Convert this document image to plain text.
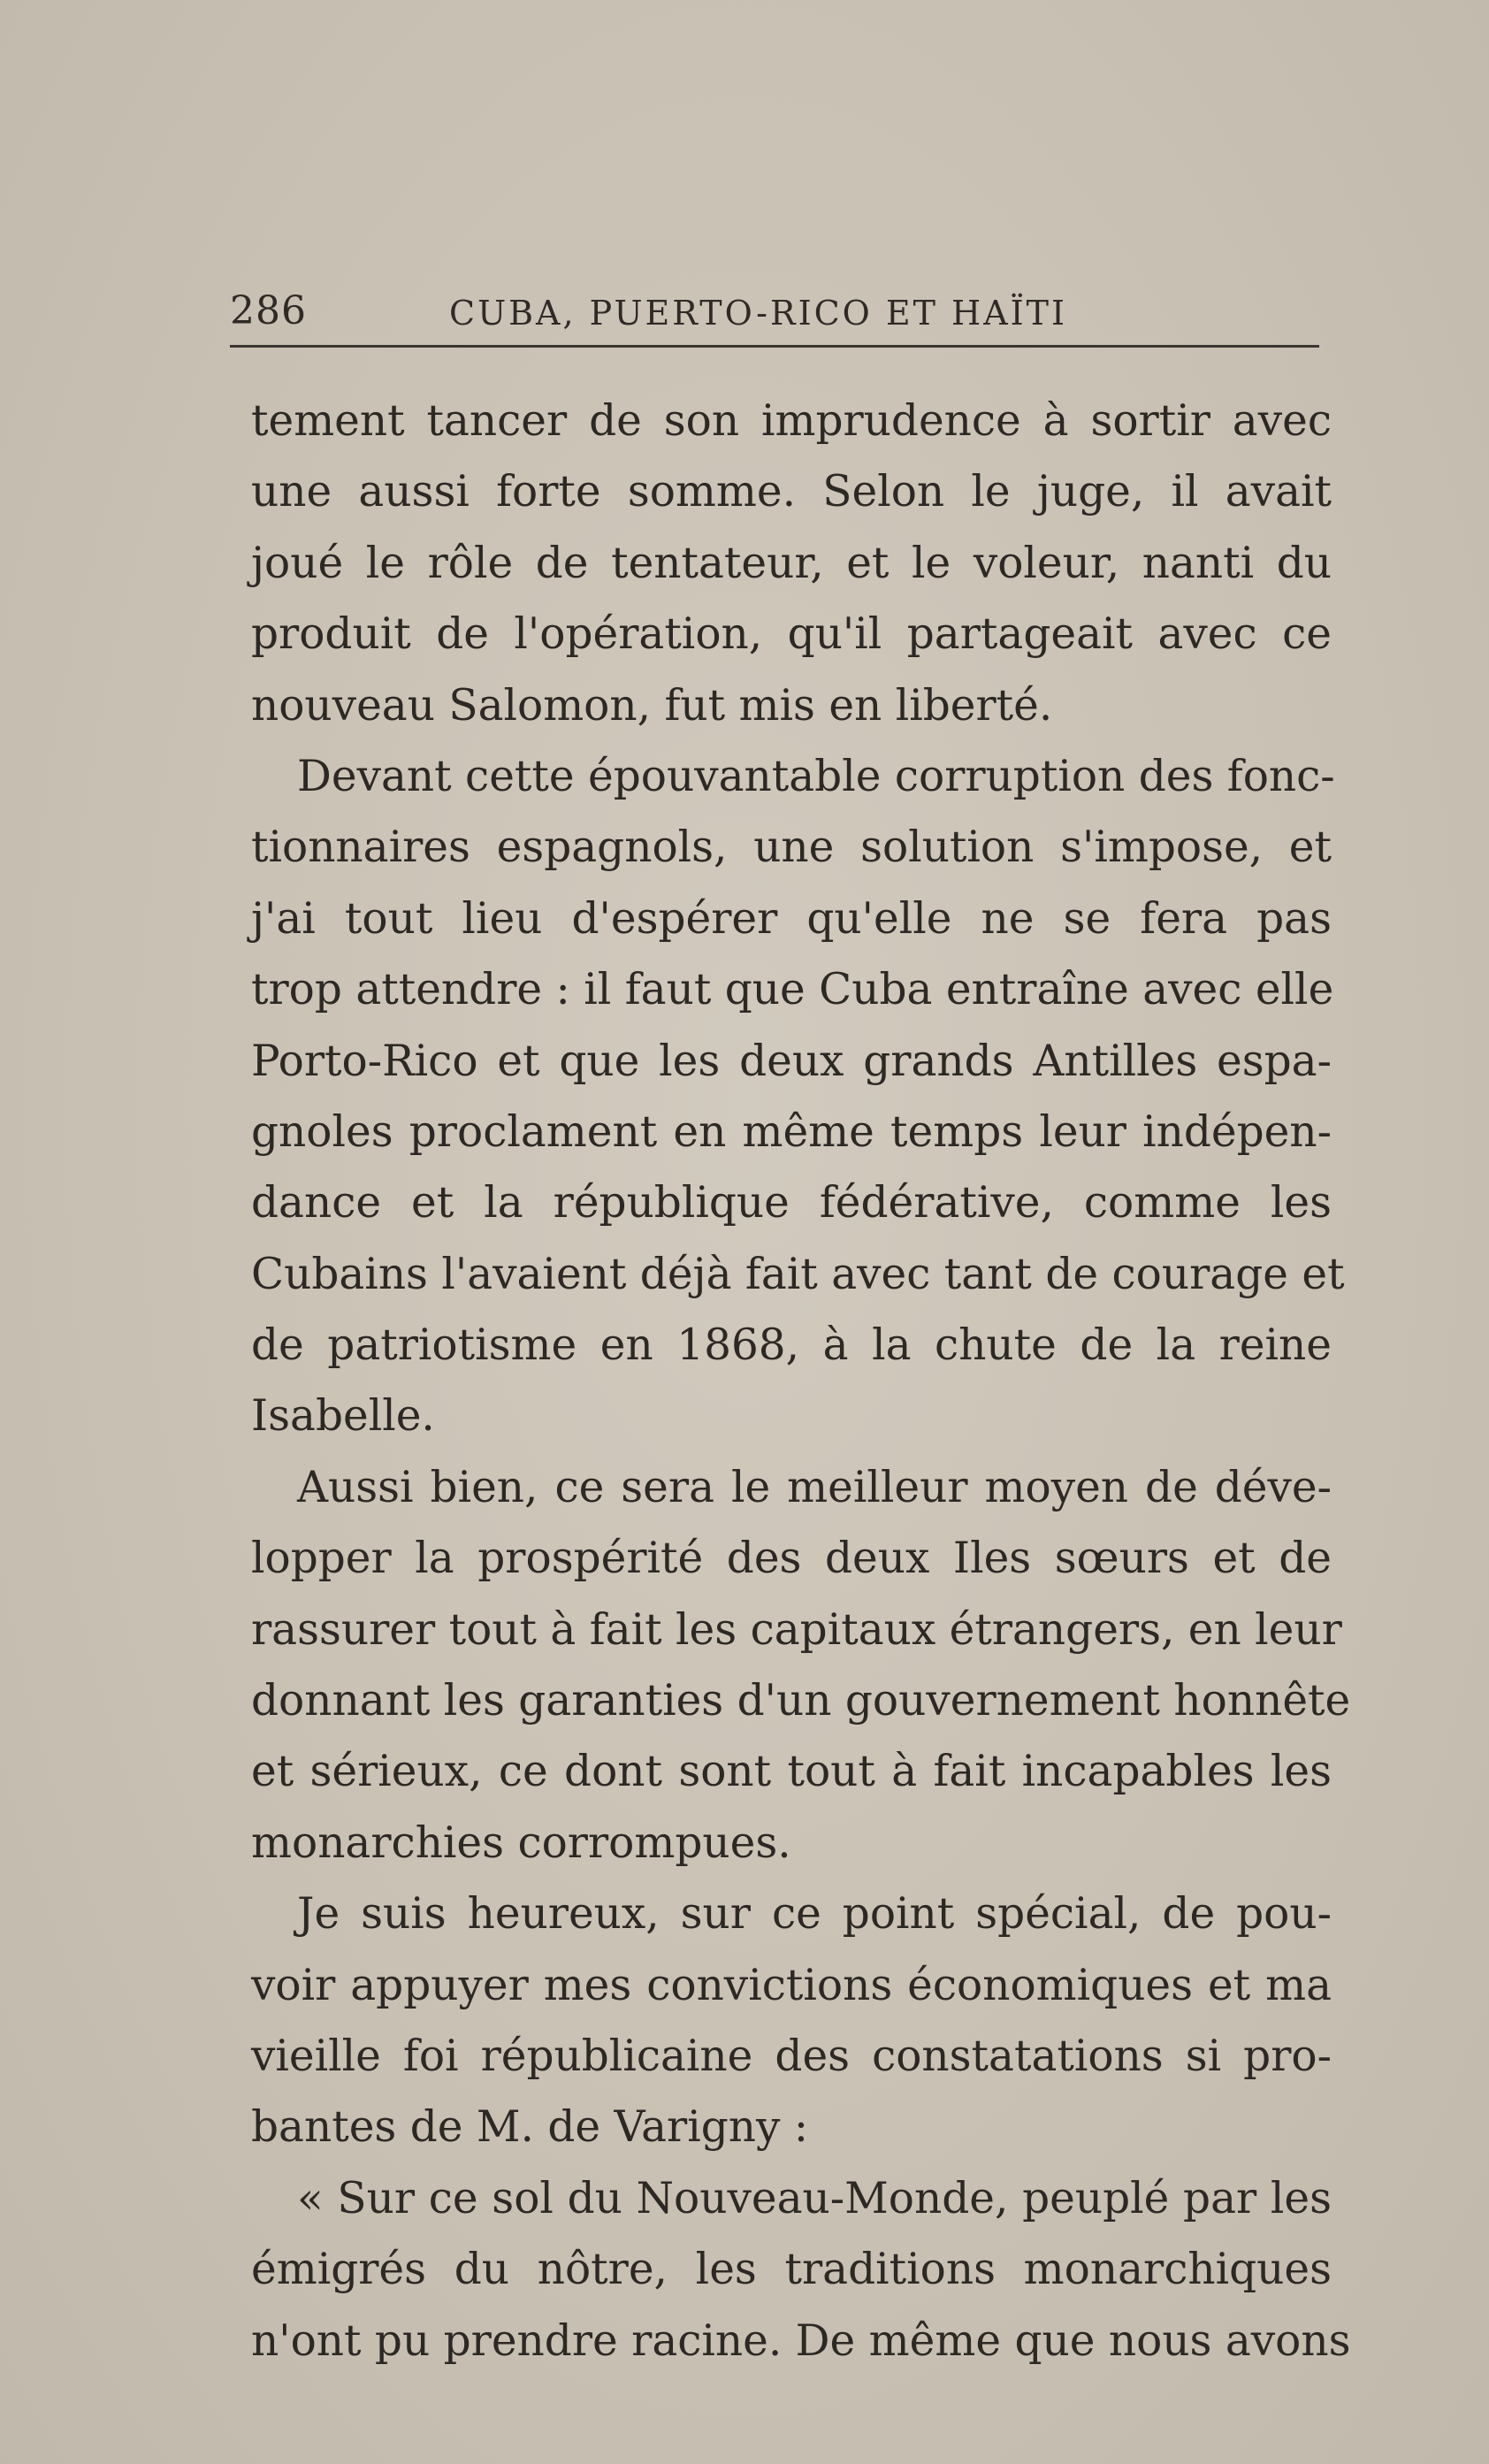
286	CUBA, PUERTO-RICO ET HAÏTI
tement tancer de son imprudence à sortir avec
une aussi forte somme. Selon le juge, il avait
joué le rôle de tentateur, et le voleur, nanti du
produit de l'opération, qu'il partageait avec ce
nouveau Salomon, fut mis en liberté.
Devant cette épouvantable corruption des fonc-
tionnaires espagnols, une solution s'impose, et
j'ai tout lieu d'espérer qu'elle ne se fera pas
trop attendre : il faut que Cuba entraîne avec elle
Porto-Rico et que les deux grands Antilles espa-
gnoles proclament en même temps leur indépen-
dance et la république fédérative, comme les
Cubains l'avaient déjà fait avec tant de courage et
de patriotisme en 1868, à la chute de la reine
Isabelle.
Aussi bien, ce sera le meilleur moyen de déve-
lopper la prospérité des deux Iles sœurs et de
rassurer tout à fait les capitaux étrangers, en leur
donnant les garanties d'un gouvernement honnête
et sérieux, ce dont sont tout à fait incapables les
monarchies corrompues.
Je suis heureux, sur ce point spécial, de pou-
voir appuyer mes convictions économiques et ma
vieille foi républicaine des constatations si pro-
bantes de M. de Varigny :
« Sur ce sol du Nouveau-Monde, peuplé par les
émigrés du nôtre, les traditions monarchiques
n'ont pu prendre racine. De même que nous avons
